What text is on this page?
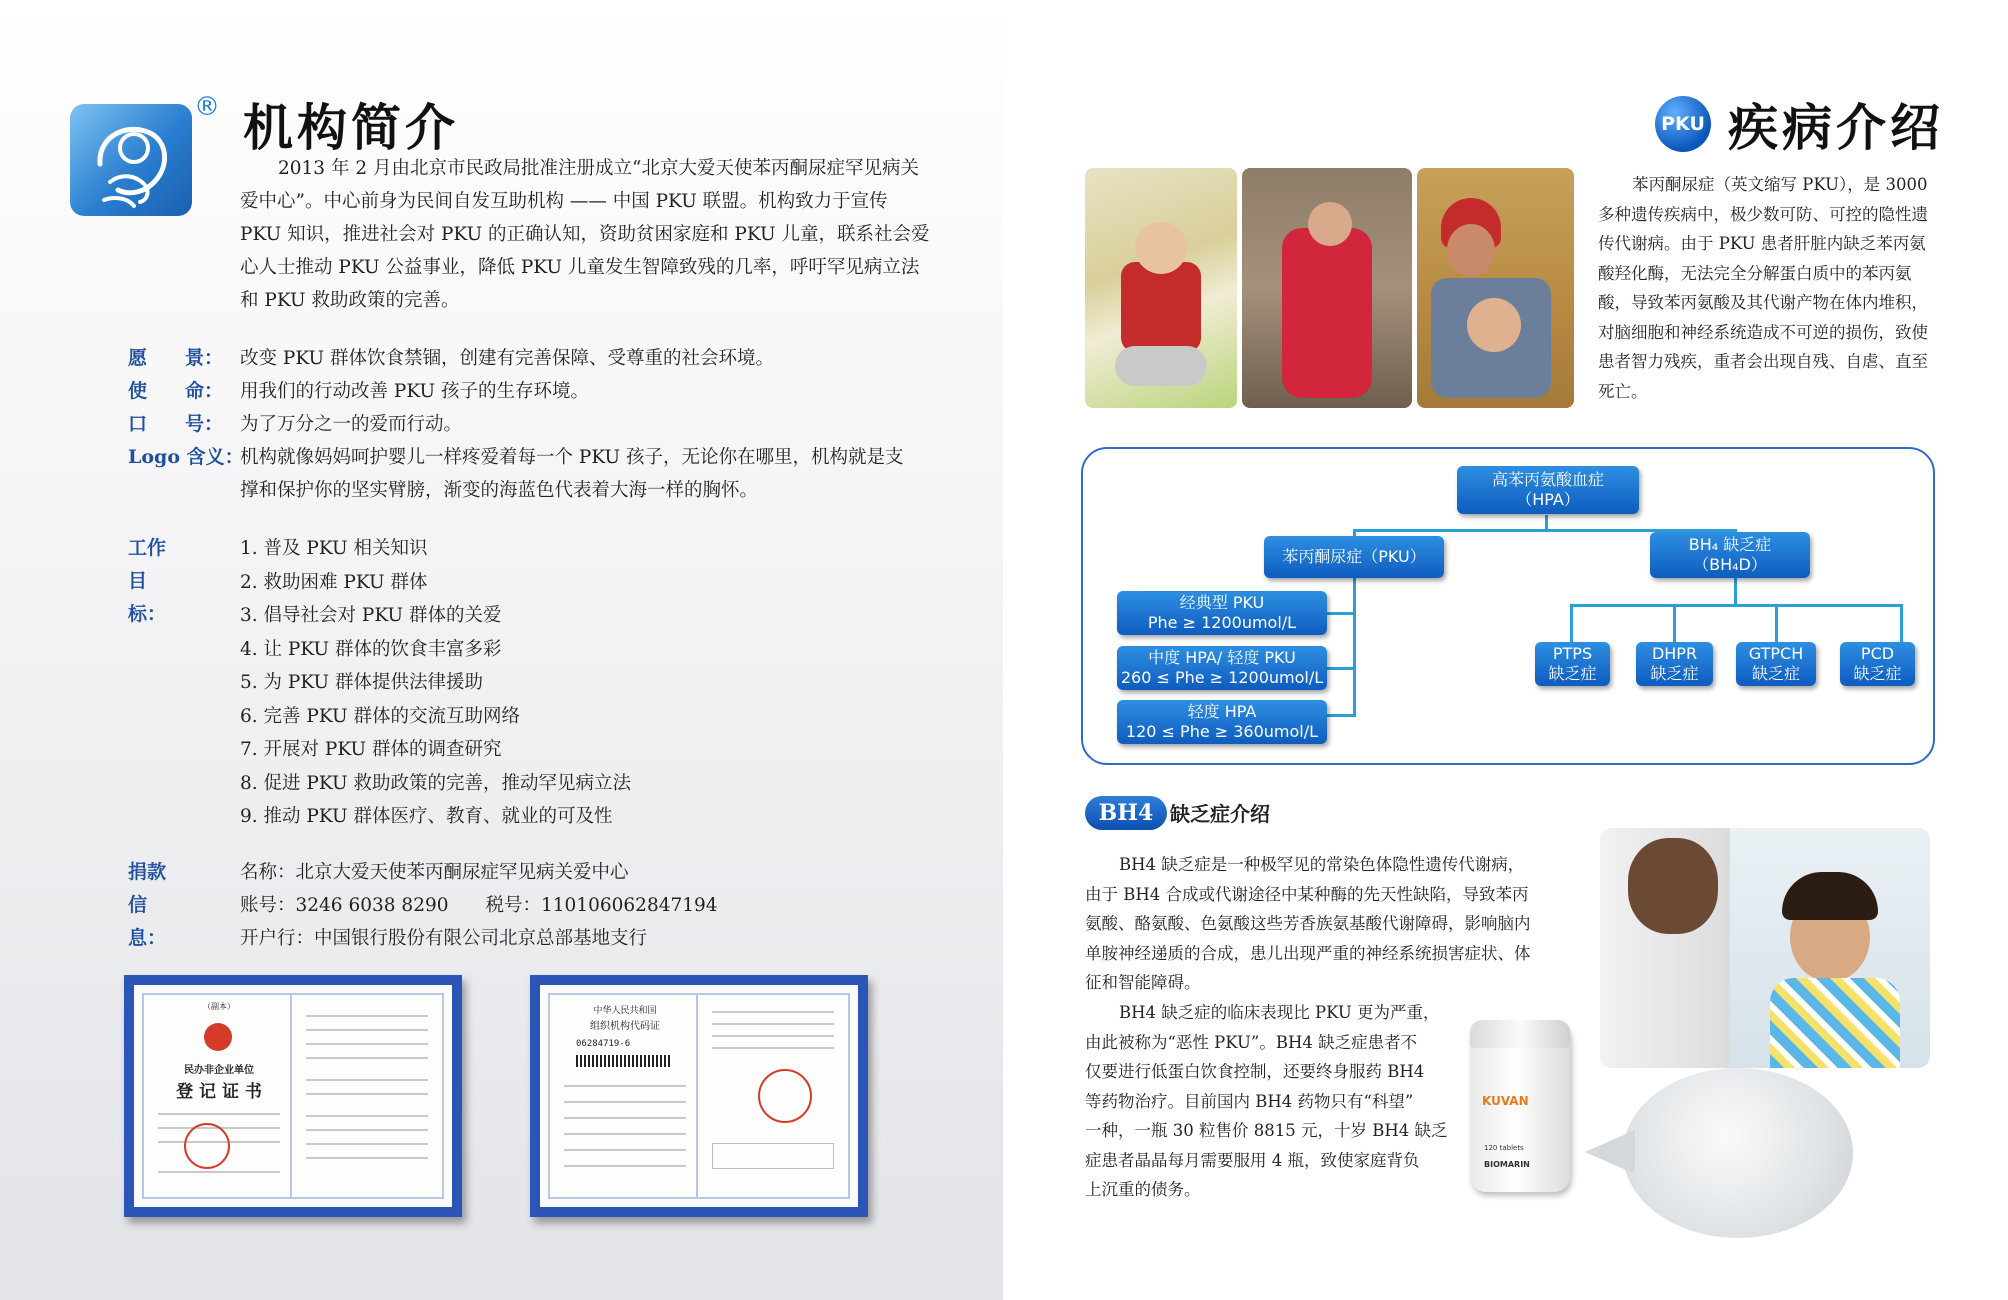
® 机构简介
2013 年 2 月由北京市民政局批准注册成立“北京大爱天使苯丙酮尿症罕见病关爱中心”。中心前身为民间自发互助机构 —— 中国 PKU 联盟。机构致力于宣传 PKU 知识，推进社会对 PKU 的正确认知，资助贫困家庭和 PKU 儿童，联系社会爱心人士推动 PKU 公益事业，降低 PKU 儿童发生智障致残的几率，呼吁罕见病立法和 PKU 救助政策的完善。
愿　　景： 改变 PKU 群体饮食禁锢，创建有完善保障、受尊重的社会环境。
使　　命： 用我们的行动改善 PKU 孩子的生存环境。
口　　号： 为了万分之一的爱而行动。
Logo 含义：
机构就像妈妈呵护婴儿一样疼爱着每一个 PKU 孩子，无论你在哪里，机构就是支撑和保护你的坚实臂膀，渐变的海蓝色代表着大海一样的胸怀。
工作目标：
1. 普及 PKU 相关知识
2. 救助困难 PKU 群体
3. 倡导社会对 PKU 群体的关爱
4. 让 PKU 群体的饮食丰富多彩
5. 为 PKU 群体提供法律援助
6. 完善 PKU 群体的交流互助网络
7. 开展对 PKU 群体的调查研究
8. 促进 PKU 救助政策的完善，推动罕见病立法
9. 推动 PKU 群体医疗、教育、就业的可及性
捐款信息：
名称：北京大爱天使苯丙酮尿症罕见病关爱中心
账号：3246 6038 8290　　税号：110106062847194
开户行：中国银行股份有限公司北京总部基地支行
（副本）
民办非企业单位
登 记 证 书
中华人民共和国
组织机构代码证
06284719-6
PKU 疾病介绍
苯丙酮尿症（英文缩写 PKU），是 3000 多种遗传疾病中，极少数可防、可控的隐性遗传代谢病。由于 PKU 患者肝脏内缺乏苯丙氨酸羟化酶，无法完全分解蛋白质中的苯丙氨酸，导致苯丙氨酸及其代谢产物在体内堆积，对脑细胞和神经系统造成不可逆的损伤，致使患者智力残疾，重者会出现自残、自虐、直至死亡。
高苯丙氨酸血症
（HPA）
苯丙酮尿症（PKU）
BH₄ 缺乏症
（BH₄D）
经典型 PKU
Phe ≥ 1200umol/L
中度 HPA/ 轻度 PKU
260 ≤ Phe ≥ 1200umol/L
轻度 HPA
120 ≤ Phe ≥ 360umol/L
PTPS
缺乏症
DHPR
缺乏症
GTPCH
缺乏症
PCD
缺乏症
BH4 缺乏症介绍
BH4 缺乏症是一种极罕见的常染色体隐性遗传代谢病，由于 BH4 合成或代谢途径中某种酶的先天性缺陷，导致苯丙氨酸、酪氨酸、色氨酸这些芳香族氨基酸代谢障碍，影响脑内单胺神经递质的合成，患儿出现严重的神经系统损害症状、体征和智能障碍。
BH4 缺乏症的临床表现比 PKU 更为严重，
由此被称为“恶性 PKU”。BH4 缺乏症患者不
仅要进行低蛋白饮食控制，还要终身服药 BH4
等药物治疗。目前国内 BH4 药物只有“科望”
一种，一瓶 30 粒售价 8815 元，十岁 BH4 缺乏
症患者晶晶每月需要服用 4 瓶，致使家庭背负
上沉重的债务。
KUVAN
120 tablets
BIOMARIN
